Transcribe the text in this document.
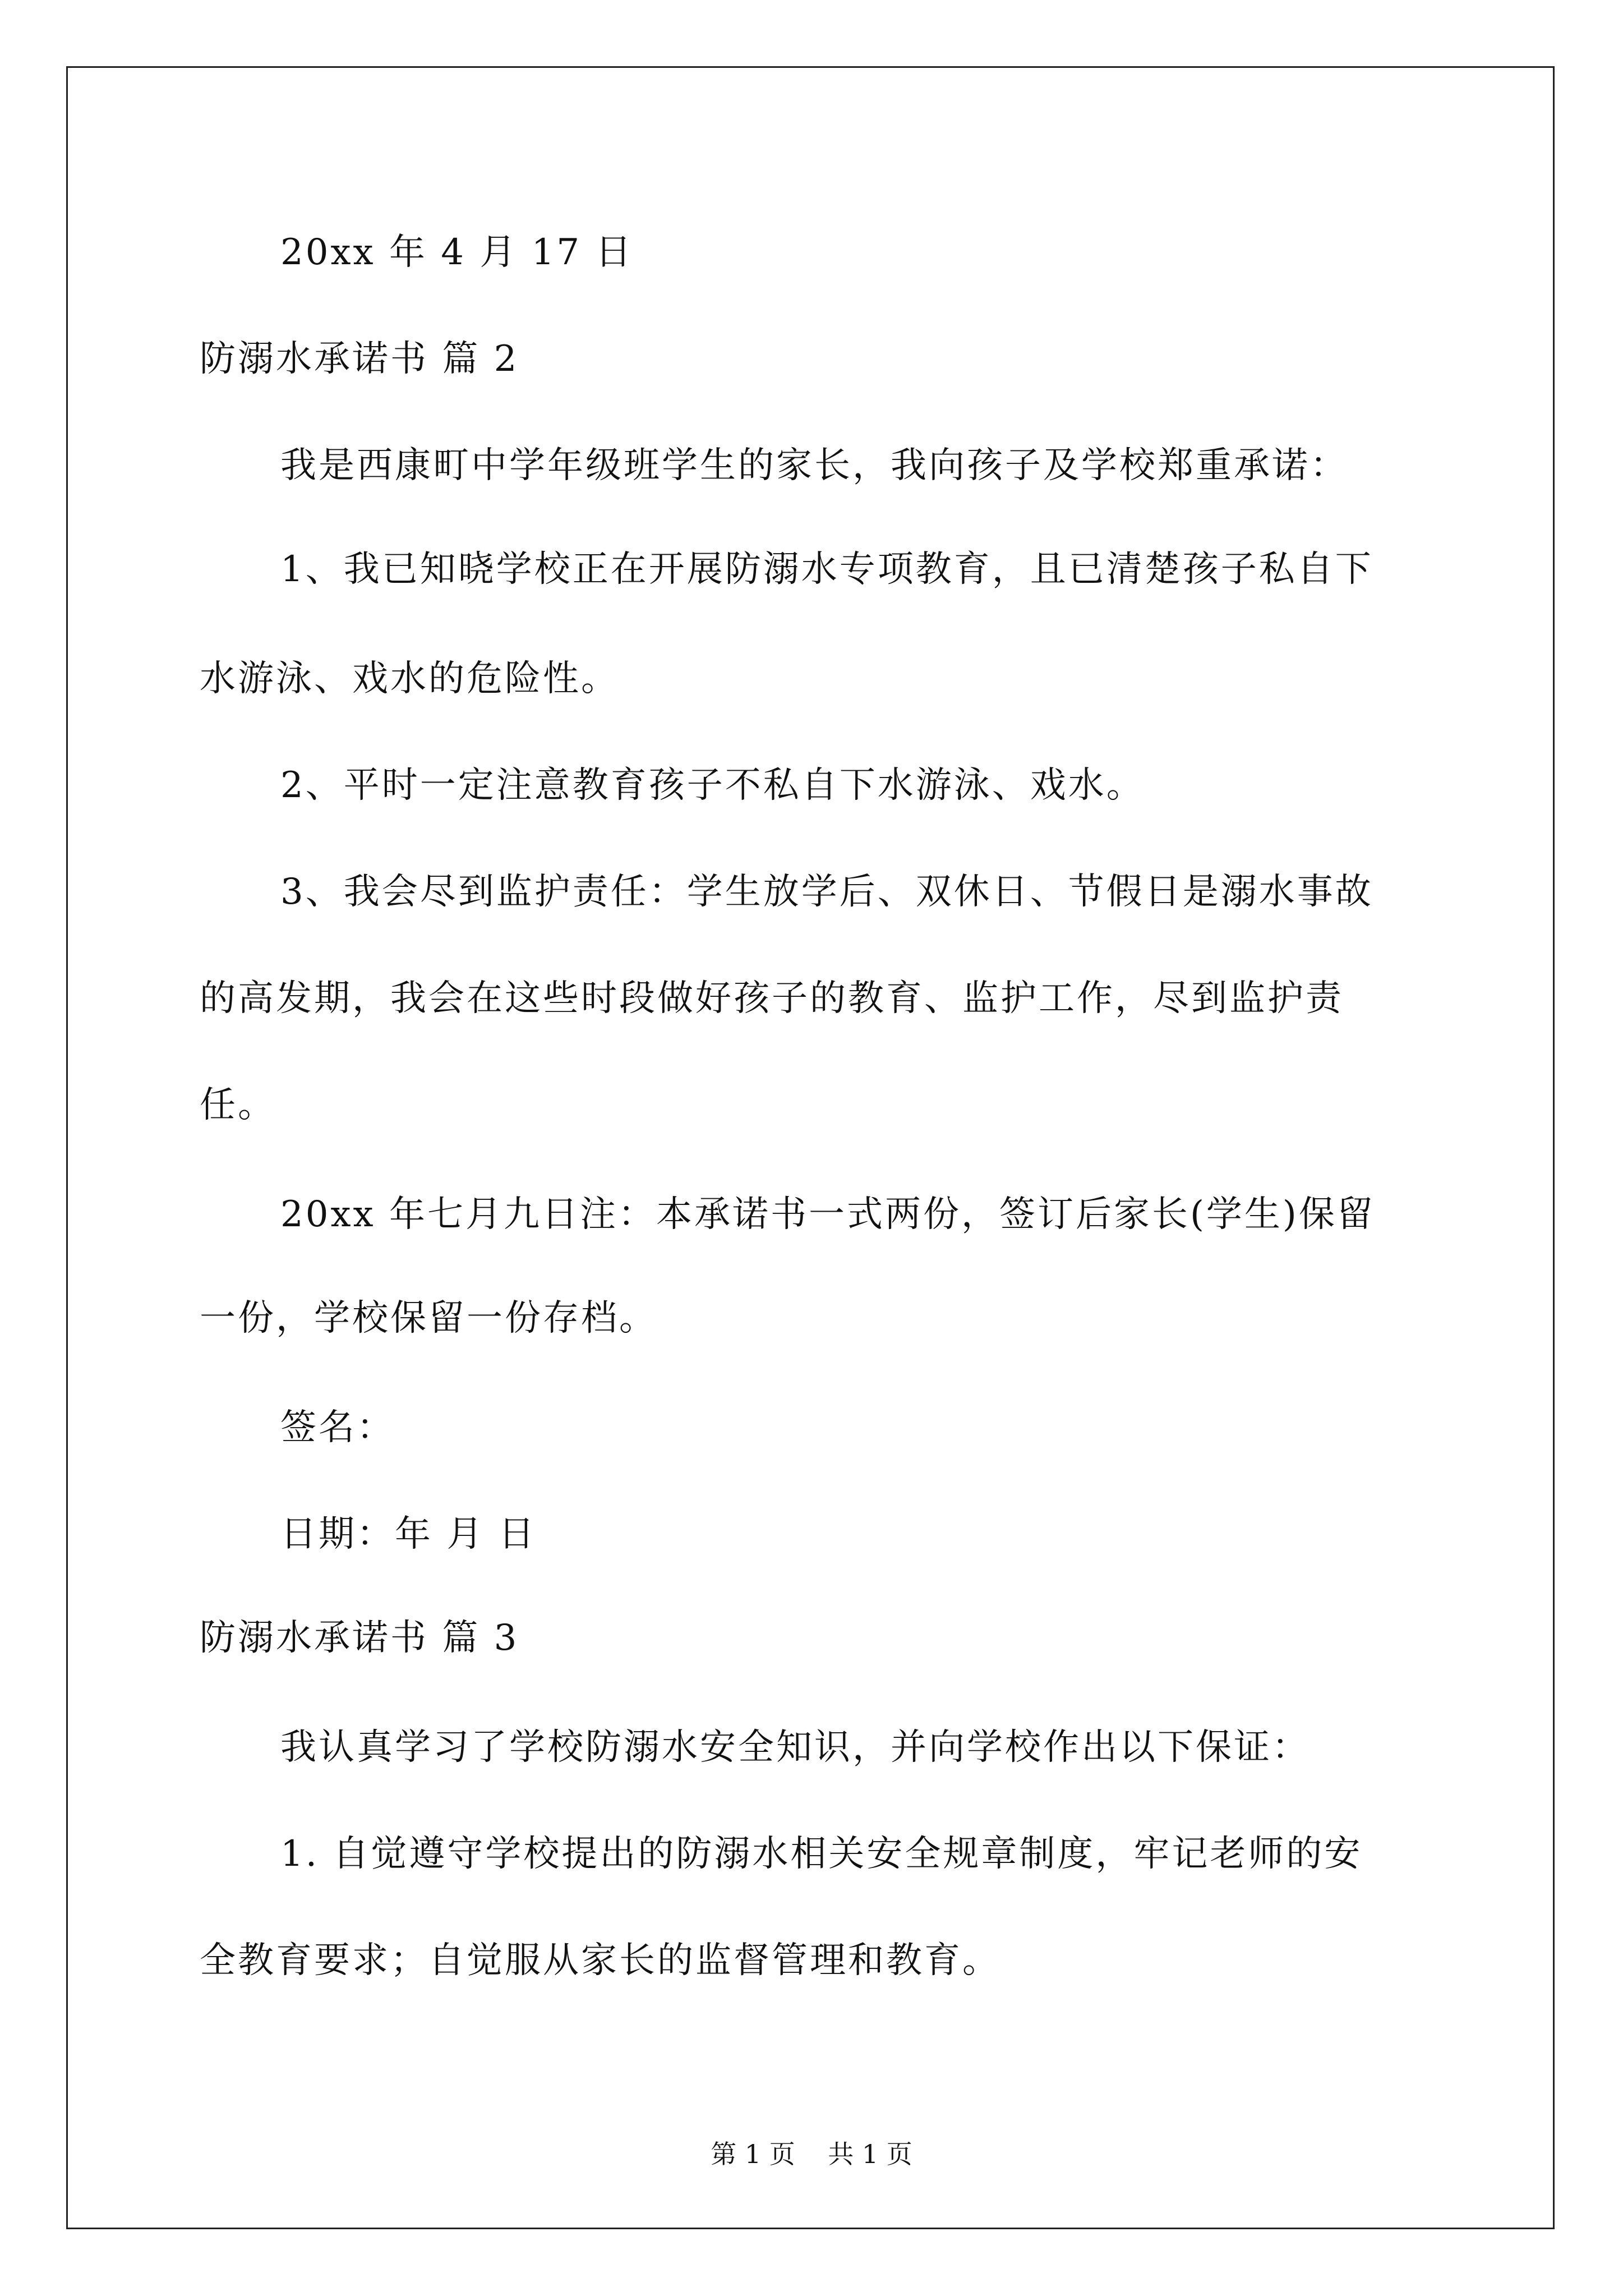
20xx 年 4 月 17 日
防溺水承诺书 篇 2
我是西康町中学年级班学生的家长，我向孩子及学校郑重承诺：
1、我已知晓学校正在开展防溺水专项教育，且已清楚孩子私自下
水游泳、戏水的危险性。
2、平时一定注意教育孩子不私自下水游泳、戏水。
3、我会尽到监护责任：学生放学后、双休日、节假日是溺水事故
的高发期，我会在这些时段做好孩子的教育、监护工作，尽到监护责
任。
20xx 年七月九日注：本承诺书一式两份，签订后家长(学生)保留
一份，学校保留一份存档。
签名：
日期：年 月 日
防溺水承诺书 篇 3
我认真学习了学校防溺水安全知识，并向学校作出以下保证：
1. 自觉遵守学校提出的防溺水相关安全规章制度，牢记老师的安
全教育要求；自觉服从家长的监督管理和教育。
第 1 页    共 1 页
